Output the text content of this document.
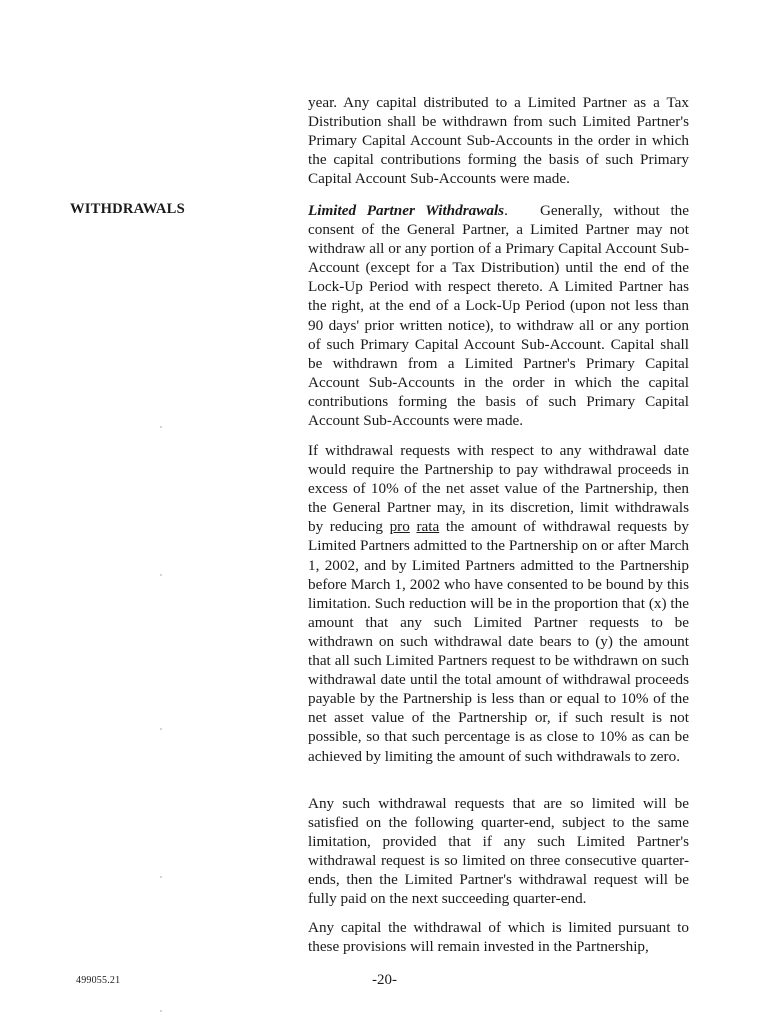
WITHDRAWALS

year. Any capital distributed to a Limited Partner as a Tax Distribution shall be withdrawn from such Limited Partner's Primary Capital Account Sub-Accounts in the order in which the capital contributions forming the basis of such Primary Capital Account Sub-Accounts were made.

Limited Partner Withdrawals. Generally, without the consent of the General Partner, a Limited Partner may not withdraw all or any portion of a Primary Capital Account Sub-Account (except for a Tax Distribution) until the end of the Lock-Up Period with respect thereto. A Limited Partner has the right, at the end of a Lock-Up Period (upon not less than 90 days' prior written notice), to withdraw all or any portion of such Primary Capital Account Sub-Account. Capital shall be withdrawn from a Limited Partner's Primary Capital Account Sub-Accounts in the order in which the capital contributions forming the basis of such Primary Capital Account Sub-Accounts were made.

If withdrawal requests with respect to any withdrawal date would require the Partnership to pay withdrawal proceeds in excess of 10% of the net asset value of the Partnership, then the General Partner may, in its discretion, limit withdrawals by reducing pro rata the amount of withdrawal requests by Limited Partners admitted to the Partnership on or after March 1, 2002, and by Limited Partners admitted to the Partnership before March 1, 2002 who have consented to be bound by this limitation. Such reduction will be in the proportion that (x) the amount that any such Limited Partner requests to be withdrawn on such withdrawal date bears to (y) the amount that all such Limited Partners request to be withdrawn on such withdrawal date until the total amount of withdrawal proceeds payable by the Partnership is less than or equal to 10% of the net asset value of the Partnership or, if such result is not possible, so that such percentage is as close to 10% as can be achieved by limiting the amount of such withdrawals to zero.

Any such withdrawal requests that are so limited will be satisfied on the following quarter-end, subject to the same limitation, provided that if any such Limited Partner's withdrawal request is so limited on three consecutive quarter-ends, then the Limited Partner's withdrawal request will be fully paid on the next succeeding quarter-end.

Any capital the withdrawal of which is limited pursuant to these provisions will remain invested in the Partnership,

499055.21	-20-
